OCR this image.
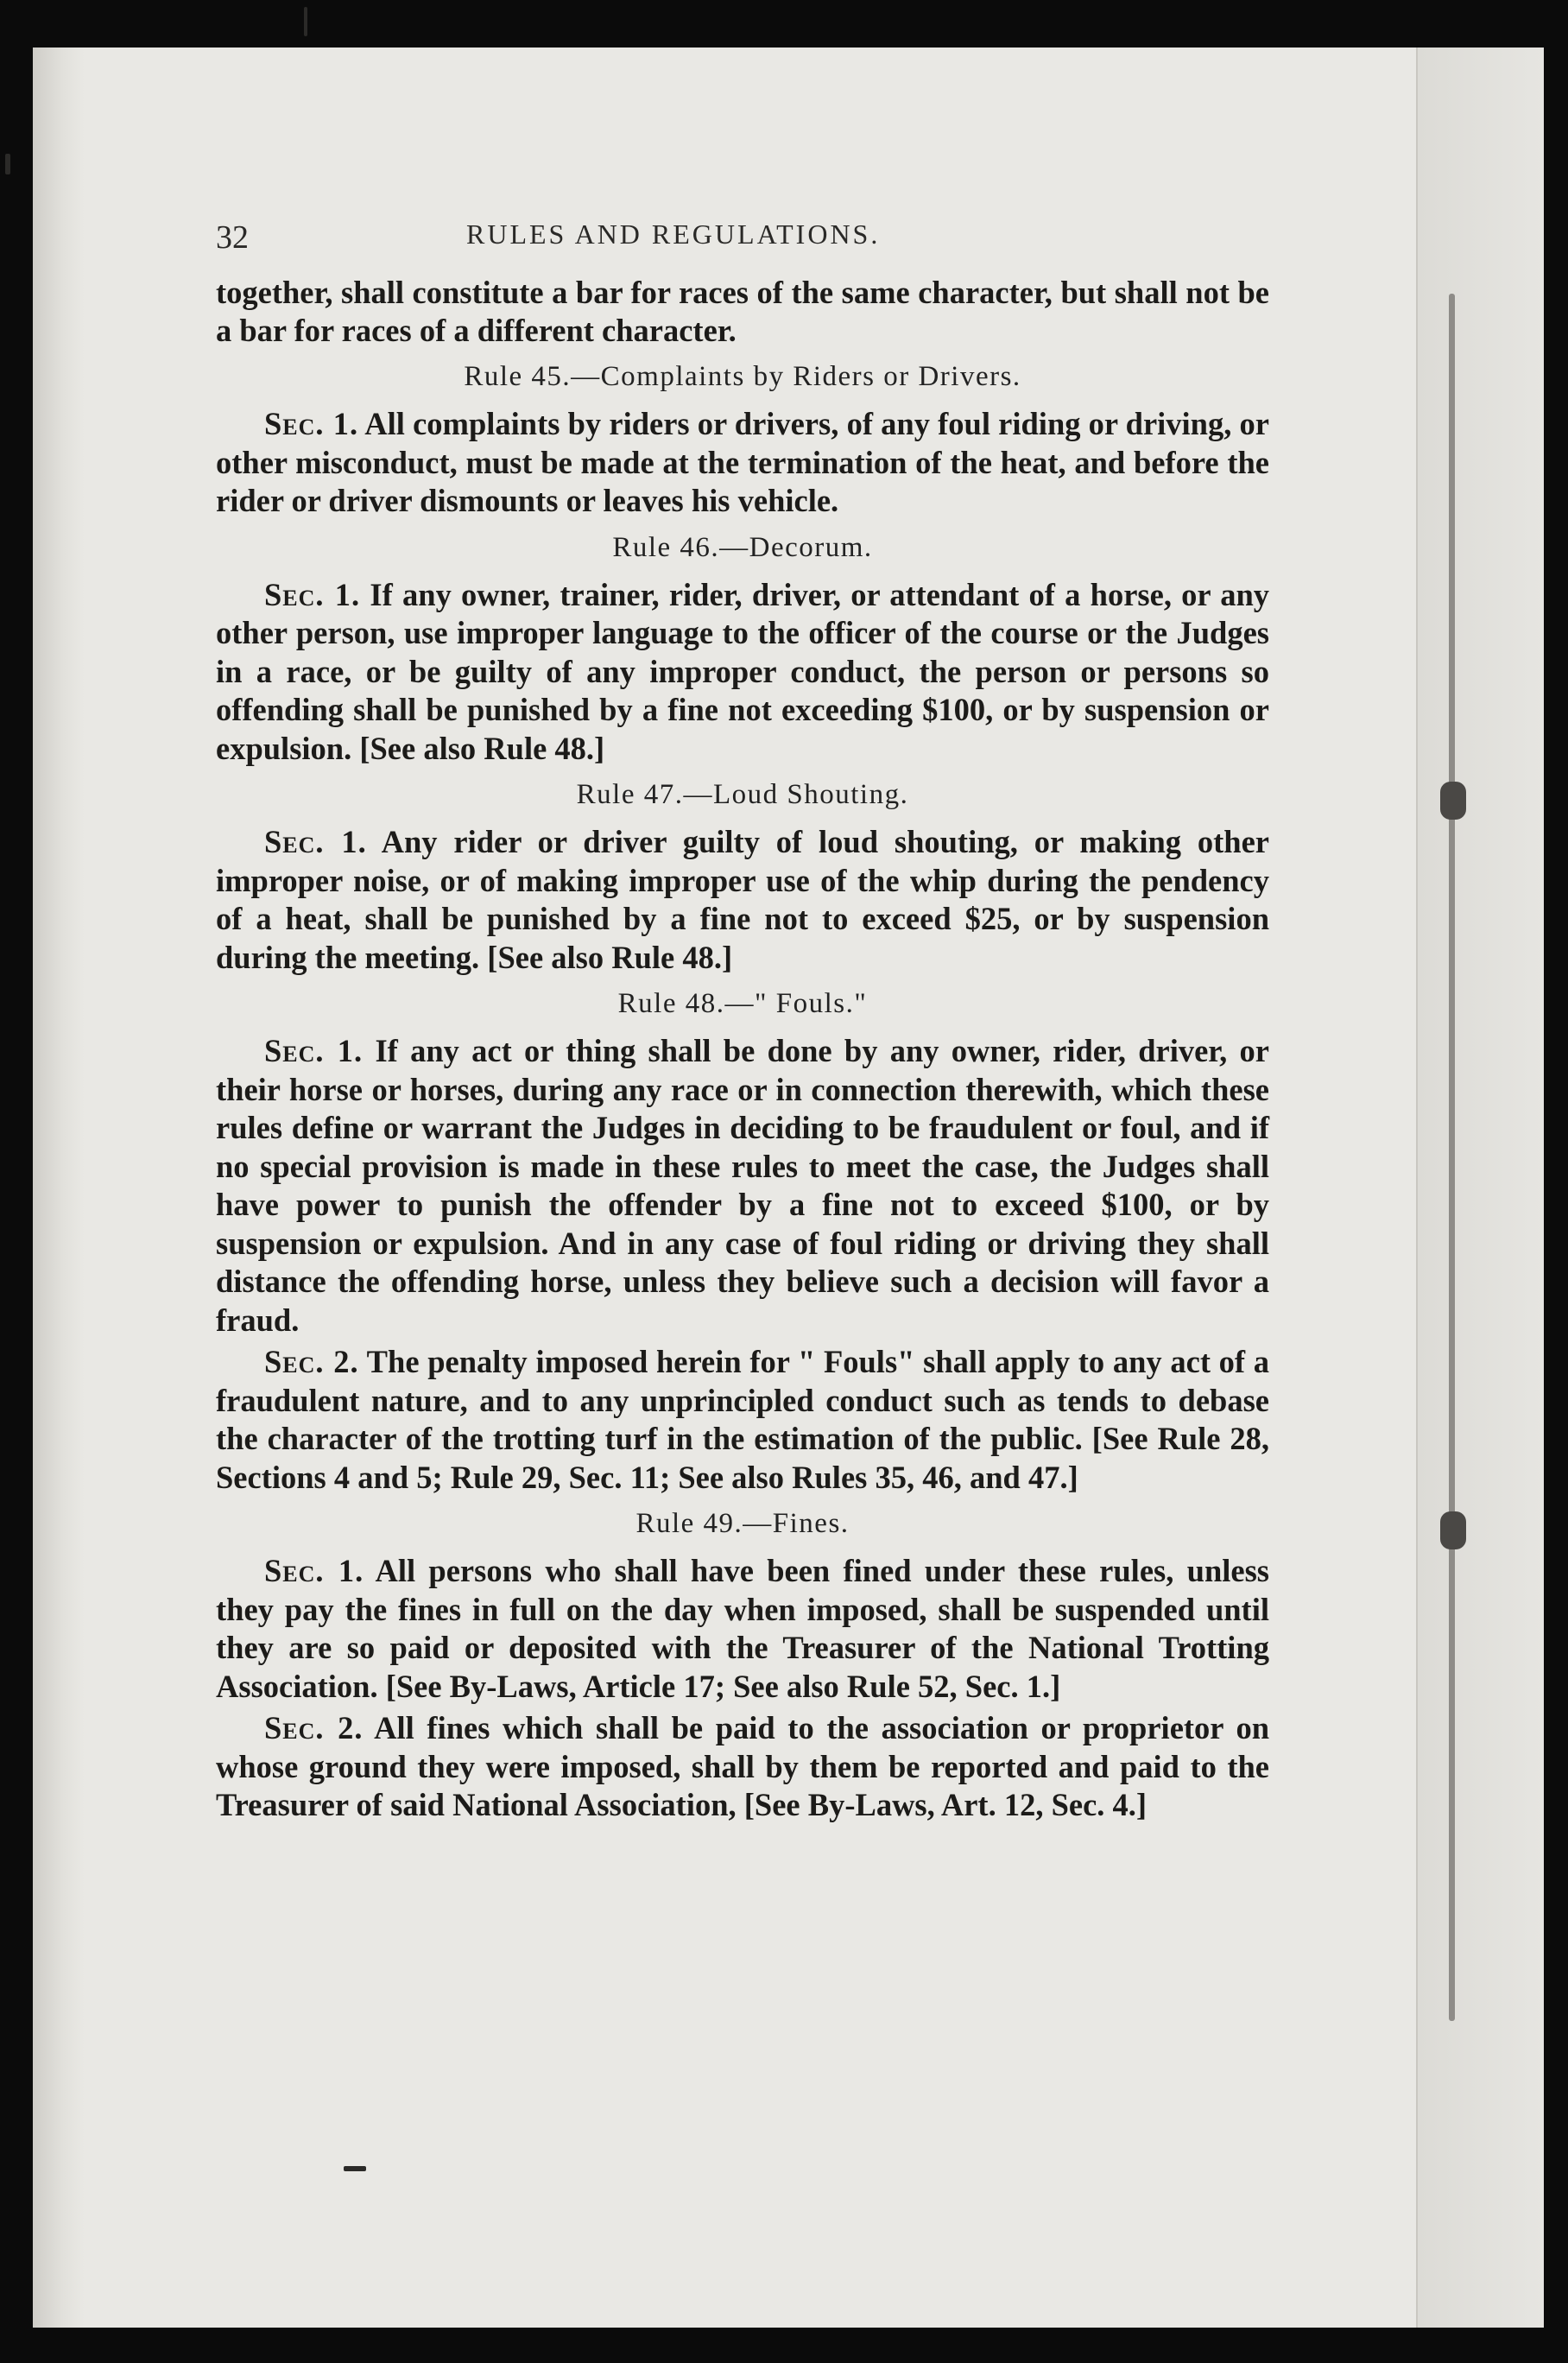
32	RULES AND REGULATIONS.

together, shall constitute a bar for races of the same character, but shall not be a bar for races of a different character.

Rule 45.—Complaints by Riders or Drivers.

Sec. 1. All complaints by riders or drivers, of any foul riding or driving, or other misconduct, must be made at the termination of the heat, and before the rider or driver dismounts or leaves his vehicle.

Rule 46.—Decorum.

Sec. 1. If any owner, trainer, rider, driver, or attendant of a horse, or any other person, use improper language to the officer of the course or the Judges in a race, or be guilty of any improper conduct, the person or persons so offending shall be punished by a fine not exceeding $100, or by suspension or expulsion. [See also Rule 48.]

Rule 47.—Loud Shouting.

Sec. 1. Any rider or driver guilty of loud shouting, or making other improper noise, or of making improper use of the whip during the pendency of a heat, shall be punished by a fine not to exceed $25, or by suspension during the meeting. [See also Rule 48.]

Rule 48.—" Fouls."

Sec. 1. If any act or thing shall be done by any owner, rider, driver, or their horse or horses, during any race or in connection therewith, which these rules define or warrant the Judges in deciding to be fraudulent or foul, and if no special provision is made in these rules to meet the case, the Judges shall have power to punish the offender by a fine not to exceed $100, or by suspension or expulsion. And in any case of foul riding or driving they shall distance the offending horse, unless they believe such a decision will favor a fraud.

Sec. 2. The penalty imposed herein for " Fouls" shall apply to any act of a fraudulent nature, and to any unprincipled conduct such as tends to debase the character of the trotting turf in the estimation of the public. [See Rule 28, Sections 4 and 5; Rule 29, Sec. 11; See also Rules 35, 46, and 47.]

Rule 49.—Fines.

Sec. 1. All persons who shall have been fined under these rules, unless they pay the fines in full on the day when imposed, shall be suspended until they are so paid or deposited with the Treasurer of the National Trotting Association. [See By-Laws, Article 17; See also Rule 52, Sec. 1.]

Sec. 2. All fines which shall be paid to the association or proprietor on whose ground they were imposed, shall by them be reported and paid to the Treasurer of said National Association, [See By-Laws, Art. 12, Sec. 4.]
